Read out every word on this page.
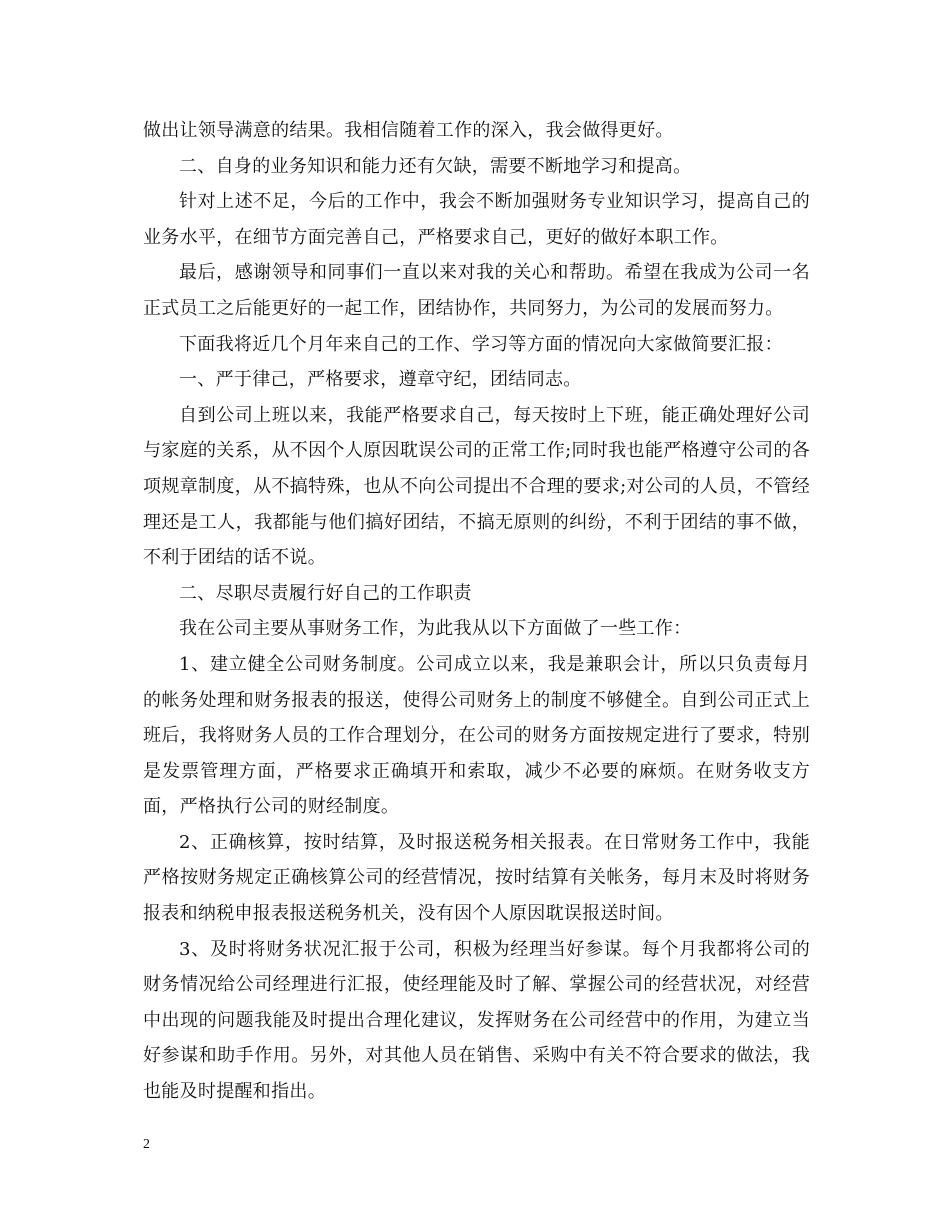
做出让领导满意的结果。我相信随着工作的深入，我会做得更好。

二、自身的业务知识和能力还有欠缺，需要不断地学习和提高。

针对上述不足，今后的工作中，我会不断加强财务专业知识学习，提高自己的业务水平，在细节方面完善自己，严格要求自己，更好的做好本职工作。

最后，感谢领导和同事们一直以来对我的关心和帮助。希望在我成为公司一名正式员工之后能更好的一起工作，团结协作，共同努力，为公司的发展而努力。

下面我将近几个月年来自己的工作、学习等方面的情况向大家做简要汇报：

一、严于律己，严格要求，遵章守纪，团结同志。

自到公司上班以来，我能严格要求自己，每天按时上下班，能正确处理好公司与家庭的关系，从不因个人原因耽误公司的正常工作;同时我也能严格遵守公司的各项规章制度，从不搞特殊，也从不向公司提出不合理的要求;对公司的人员，不管经理还是工人，我都能与他们搞好团结，不搞无原则的纠纷，不利于团结的事不做，不利于团结的话不说。

二、尽职尽责履行好自己的工作职责

我在公司主要从事财务工作，为此我从以下方面做了一些工作：

1、建立健全公司财务制度。公司成立以来，我是兼职会计，所以只负责每月的帐务处理和财务报表的报送，使得公司财务上的制度不够健全。自到公司正式上班后，我将财务人员的工作合理划分，在公司的财务方面按规定进行了要求，特别是发票管理方面，严格要求正确填开和索取，减少不必要的麻烦。在财务收支方面，严格执行公司的财经制度。

2、正确核算，按时结算，及时报送税务相关报表。在日常财务工作中，我能严格按财务规定正确核算公司的经营情况，按时结算有关帐务，每月末及时将财务报表和纳税申报表报送税务机关，没有因个人原因耽误报送时间。

3、及时将财务状况汇报于公司，积极为经理当好参谋。每个月我都将公司的财务情况给公司经理进行汇报，使经理能及时了解、掌握公司的经营状况，对经营中出现的问题我能及时提出合理化建议，发挥财务在公司经营中的作用，为建立当好参谋和助手作用。另外，对其他人员在销售、采购中有关不符合要求的做法，我也能及时提醒和指出。

2
